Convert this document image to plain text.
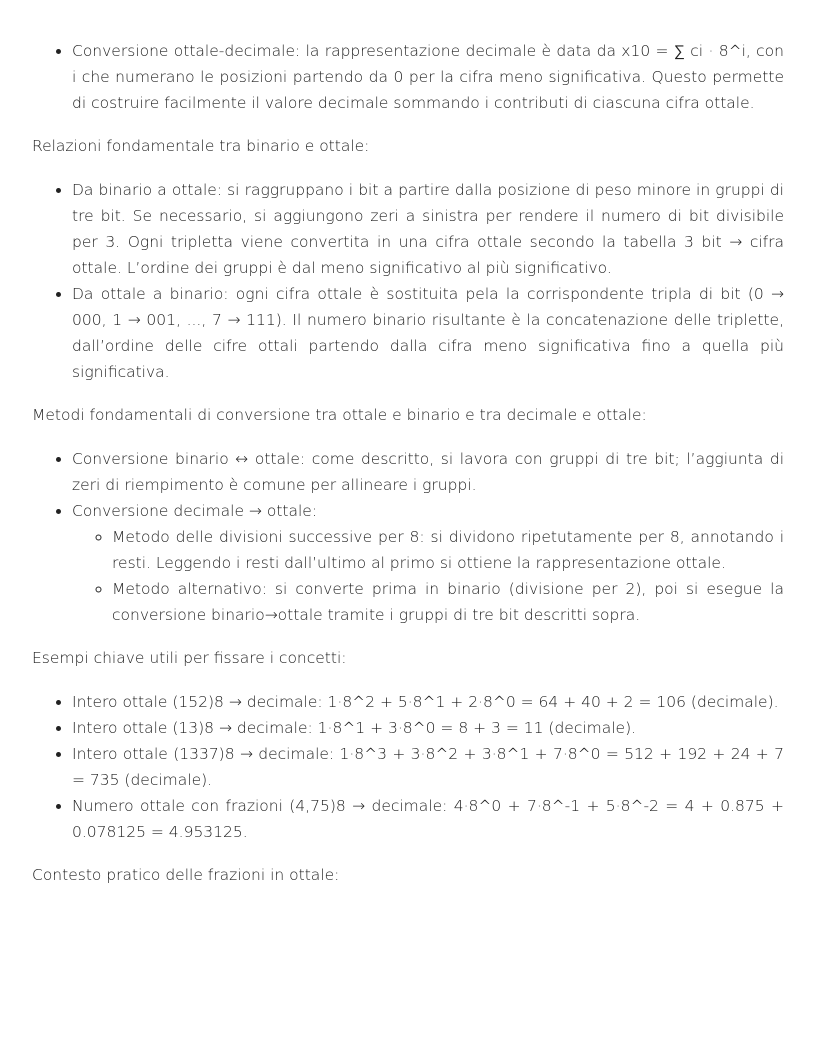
• Conversione ottale-decimale: la rappresentazione decimale è data da x10 = ∑ ci · 8^i, con i che numerano le posizioni partendo da 0 per la cifra meno significativa. Questo permette di costruire facilmente il valore decimale sommando i contributi di ciascuna cifra ottale.

Relazioni fondamentale tra binario e ottale:

• Da binario a ottale: si raggruppano i bit a partire dalla posizione di peso minore in gruppi di tre bit. Se necessario, si aggiungono zeri a sinistra per rendere il numero di bit divisibile per 3. Ogni tripletta viene convertita in una cifra ottale secondo la tabella 3 bit → cifra ottale. L’ordine dei gruppi è dal meno significativo al più significativo.
• Da ottale a binario: ogni cifra ottale è sostituita pela la corrispondente tripla di bit (0 → 000, 1 → 001, ..., 7 → 111). Il numero binario risultante è la concatenazione delle triplette, dall’ordine delle cifre ottali partendo dalla cifra meno significativa fino a quella più significativa.

Metodi fondamentali di conversione tra ottale e binario e tra decimale e ottale:

• Conversione binario ↔ ottale: come descritto, si lavora con gruppi di tre bit; l’aggiunta di zeri di riempimento è comune per allineare i gruppi.
• Conversione decimale → ottale:
◦ Metodo delle divisioni successive per 8: si dividono ripetutamente per 8, annotando i resti. Leggendo i resti dall’ultimo al primo si ottiene la rappresentazione ottale.
◦ Metodo alternativo: si converte prima in binario (divisione per 2), poi si esegue la conversione binario→ottale tramite i gruppi di tre bit descritti sopra.

Esempi chiave utili per fissare i concetti:

• Intero ottale (152)8 → decimale: 1·8^2 + 5·8^1 + 2·8^0 = 64 + 40 + 2 = 106 (decimale).
• Intero ottale (13)8 → decimale: 1·8^1 + 3·8^0 = 8 + 3 = 11 (decimale).
• Intero ottale (1337)8 → decimale: 1·8^3 + 3·8^2 + 3·8^1 + 7·8^0 = 512 + 192 + 24 + 7 = 735 (decimale).
• Numero ottale con frazioni (4,75)8 → decimale: 4·8^0 + 7·8^-1 + 5·8^-2 = 4 + 0.875 + 0.078125 = 4.953125.

Contesto pratico delle frazioni in ottale:
